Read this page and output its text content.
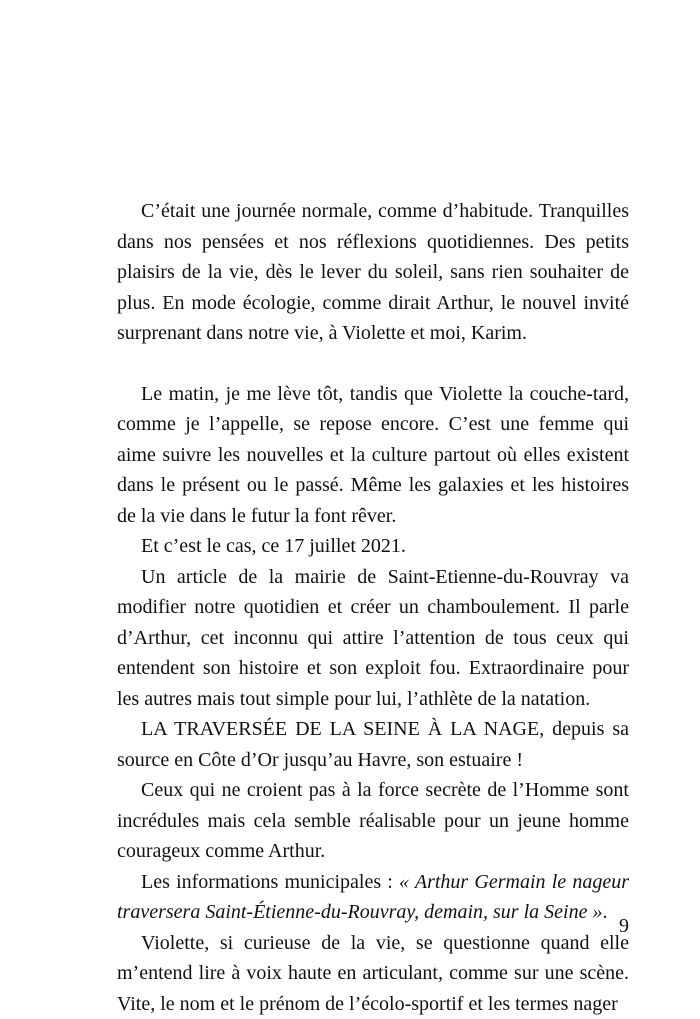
C’était une journée normale, comme d’habitude. Tranquilles dans nos pensées et nos réflexions quotidiennes. Des petits plaisirs de la vie, dès le lever du soleil, sans rien souhaiter de plus. En mode écologie, comme dirait Arthur, le nouvel invité surprenant dans notre vie, à Violette et moi, Karim.

Le matin, je me lève tôt, tandis que Violette la couche-tard, comme je l’appelle, se repose encore. C’est une femme qui aime suivre les nouvelles et la culture partout où elles existent dans le présent ou le passé. Même les galaxies et les histoires de la vie dans le futur la font rêver.

Et c’est le cas, ce 17 juillet 2021.

Un article de la mairie de Saint-Etienne-du-Rouvray va modifier notre quotidien et créer un chamboulement. Il parle d’Arthur, cet inconnu qui attire l’attention de tous ceux qui entendent son histoire et son exploit fou. Extraordinaire pour les autres mais tout simple pour lui, l’athlète de la natation.

LA TRAVERSÉE DE LA SEINE À LA NAGE, depuis sa source en Côte d’Or jusqu’au Havre, son estuaire !

Ceux qui ne croient pas à la force secrète de l’Homme sont incrédules mais cela semble réalisable pour un jeune homme courageux comme Arthur.

Les informations municipales : « Arthur Germain le nageur traversera Saint-Étienne-du-Rouvray, demain, sur la Seine ».

Violette, si curieuse de la vie, se questionne quand elle m’entend lire à voix haute en articulant, comme sur une scène. Vite, le nom et le prénom de l’écolo-sportif et les termes nager

9
